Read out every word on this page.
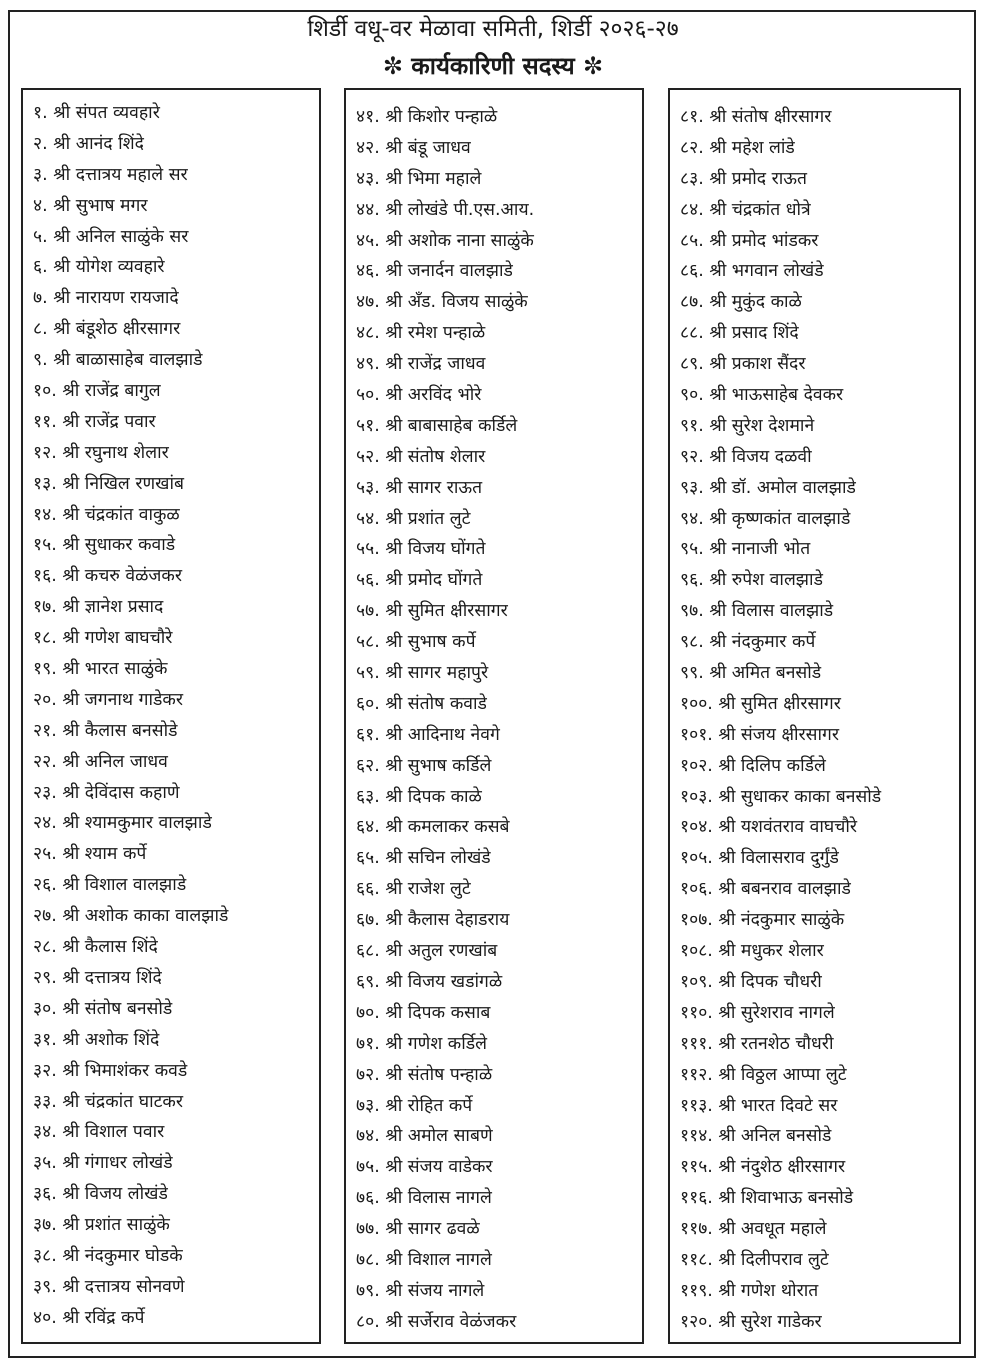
शिर्डी वधू-वर मेळावा समिती, शिर्डी २०२६-२७
✼ कार्यकारिणी सदस्य ✼
१. श्री संपत व्यवहारे
२. श्री आनंद शिंदे
३. श्री दत्तात्रय महाले सर
४. श्री सुभाष मगर
५. श्री अनिल साळुंके सर
६. श्री योगेश व्यवहारे
७. श्री नारायण रायजादे
८. श्री बंडूशेठ क्षीरसागर
९. श्री बाळासाहेब वालझाडे
१०. श्री राजेंद्र बागुल
११. श्री राजेंद्र पवार
१२. श्री रघुनाथ शेलार
१३. श्री निखिल रणखांब
१४. श्री चंद्रकांत वाकुळ
१५. श्री सुधाकर कवाडे
१६. श्री कचरु वेळंजकर
१७. श्री ज्ञानेश प्रसाद
१८. श्री गणेश बाघचौरे
१९. श्री भारत साळुंके
२०. श्री जगनाथ गाडेकर
२१. श्री कैलास बनसोडे
२२. श्री अनिल जाधव
२३. श्री देविंदास कहाणे
२४. श्री श्यामकुमार वालझाडे
२५. श्री श्याम कर्पे
२६. श्री विशाल वालझाडे
२७. श्री अशोक काका वालझाडे
२८. श्री कैलास शिंदे
२९. श्री दत्तात्रय शिंदे
३०. श्री संतोष बनसोडे
३१. श्री अशोक शिंदे
३२. श्री भिमाशंकर कवडे
३३. श्री चंद्रकांत घाटकर
३४. श्री विशाल पवार
३५. श्री गंगाधर लोखंडे
३६. श्री विजय लोखंडे
३७. श्री प्रशांत साळुंके
३८. श्री नंदकुमार घोडके
३९. श्री दत्तात्रय सोनवणे
४०. श्री रविंद्र कर्पे
४१. श्री किशोर पन्हाळे
४२. श्री बंडू जाधव
४३. श्री भिमा महाले
४४. श्री लोखंडे पी.एस.आय.
४५. श्री अशोक नाना साळुंके
४६. श्री जनार्दन वालझाडे
४७. श्री अँड. विजय साळुंके
४८. श्री रमेश पन्हाळे
४९. श्री राजेंद्र जाधव
५०. श्री अरविंद भोरे
५१. श्री बाबासाहेब कर्डिले
५२. श्री संतोष शेलार
५३. श्री सागर राऊत
५४. श्री प्रशांत लुटे
५५. श्री विजय घोंगते
५६. श्री प्रमोद घोंगते
५७. श्री सुमित क्षीरसागर
५८. श्री सुभाष कर्पे
५९. श्री सागर महापुरे
६०. श्री संतोष कवाडे
६१. श्री आदिनाथ नेवगे
६२. श्री सुभाष कर्डिले
६३. श्री दिपक काळे
६४. श्री कमलाकर कसबे
६५. श्री सचिन लोखंडे
६६. श्री राजेश लुटे
६७. श्री कैलास देहाडराय
६८. श्री अतुल रणखांब
६९. श्री विजय खडांगळे
७०. श्री दिपक कसाब
७१. श्री गणेश कर्डिले
७२. श्री संतोष पन्हाळे
७३. श्री रोहित कर्पे
७४. श्री अमोल साबणे
७५. श्री संजय वाडेकर
७६. श्री विलास नागले
७७. श्री सागर ढवळे
७८. श्री विशाल नागले
७९. श्री संजय नागले
८०. श्री सर्जेराव वेळंजकर
८१. श्री संतोष क्षीरसागर
८२. श्री महेश लांडे
८३. श्री प्रमोद राऊत
८४. श्री चंद्रकांत धोत्रे
८५. श्री प्रमोद भांडकर
८६. श्री भगवान लोखंडे
८७. श्री मुकुंद काळे
८८. श्री प्रसाद शिंदे
८९. श्री प्रकाश सैंदर
९०. श्री भाऊसाहेब देवकर
९१. श्री सुरेश देशमाने
९२. श्री विजय दळवी
९३. श्री डॉ. अमोल वालझाडे
९४. श्री कृष्णकांत वालझाडे
९५. श्री नानाजी भोत
९६. श्री रुपेश वालझाडे
९७. श्री विलास वालझाडे
९८. श्री नंदकुमार कर्पे
९९. श्री अमित बनसोडे
१००. श्री सुमित क्षीरसागर
१०१. श्री संजय क्षीरसागर
१०२. श्री दिलिप कर्डिले
१०३. श्री सुधाकर काका बनसोडे
१०४. श्री यशवंतराव वाघचौरे
१०५. श्री विलासराव दुर्गुंडे
१०६. श्री बबनराव वालझाडे
१०७. श्री नंदकुमार साळुंके
१०८. श्री मधुकर शेलार
१०९. श्री दिपक चौधरी
११०. श्री सुरेशराव नागले
१११. श्री रतनशेठ चौधरी
११२. श्री विठ्ठल आप्पा लुटे
११३. श्री भारत दिवटे सर
११४. श्री अनिल बनसोडे
११५. श्री नंदुशेठ क्षीरसागर
११६. श्री शिवाभाऊ बनसोडे
११७. श्री अवधूत महाले
११८. श्री दिलीपराव लुटे
११९. श्री गणेश थोरात
१२०. श्री सुरेश गाडेकर
